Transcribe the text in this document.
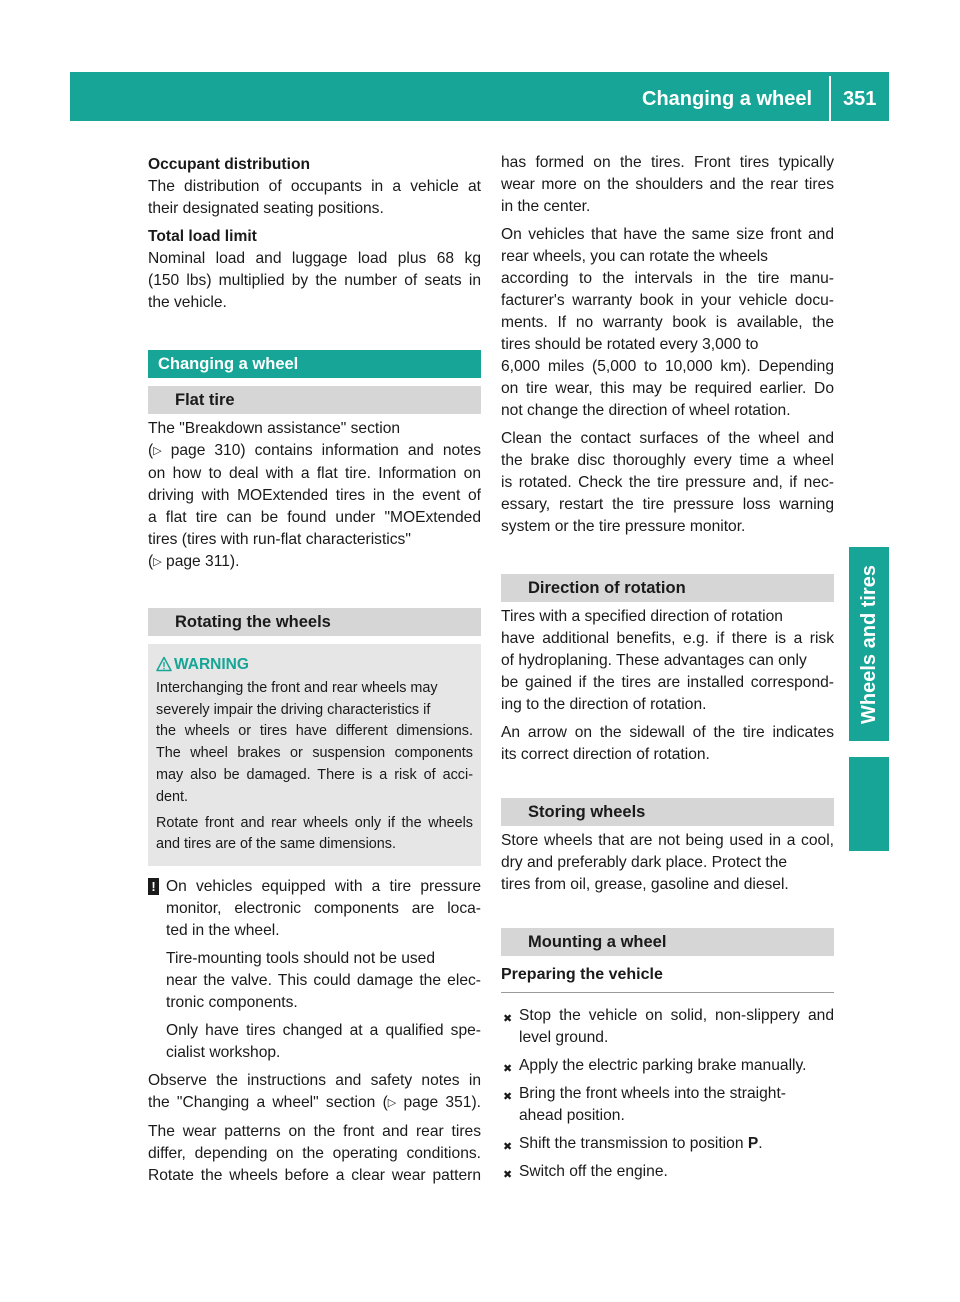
Changing a wheel 351
Wheels and tires
Occupant distribution
The distribution of occupants in a vehicle at
their designated seating positions.
Total load limit
Nominal load and luggage load plus 68 kg
(150 lbs) multiplied by the number of seats in
the vehicle.
Changing a wheel
Flat tire
The "Breakdown assistance" section
(▷ page 310) contains information and notes
on how to deal with a flat tire. Information on
driving with MOExtended tires in the event of
a flat tire can be found under "MOExtended
tires (tires with run-flat characteristics"
(▷ page 311).
Rotating the wheels
WARNING
Interchanging the front and rear wheels may
severely impair the driving characteristics if
the wheels or tires have different dimensions.
The wheel brakes or suspension components
may also be damaged. There is a risk of acci-
dent.
Rotate front and rear wheels only if the wheels
and tires are of the same dimensions.
! On vehicles equipped with a tire pressure
monitor, electronic components are loca-
ted in the wheel.
Tire-mounting tools should not be used
near the valve. This could damage the elec-
tronic components.
Only have tires changed at a qualified spe-
cialist workshop.
Observe the instructions and safety notes in
the "Changing a wheel" section (▷ page 351).
The wear patterns on the front and rear tires
differ, depending on the operating conditions.
Rotate the wheels before a clear wear pattern
has formed on the tires. Front tires typically
wear more on the shoulders and the rear tires
in the center.
On vehicles that have the same size front and
rear wheels, you can rotate the wheels
according to the intervals in the tire manu-
facturer's warranty book in your vehicle docu-
ments. If no warranty book is available, the
tires should be rotated every 3,000 to
6,000 miles (5,000 to 10,000 km). Depending
on tire wear, this may be required earlier. Do
not change the direction of wheel rotation.
Clean the contact surfaces of the wheel and
the brake disc thoroughly every time a wheel
is rotated. Check the tire pressure and, if nec-
essary, restart the tire pressure loss warning
system or the tire pressure monitor.
Direction of rotation
Tires with a specified direction of rotation
have additional benefits, e.g. if there is a risk
of hydroplaning. These advantages can only
be gained if the tires are installed correspond-
ing to the direction of rotation.
An arrow on the sidewall of the tire indicates
its correct direction of rotation.
Storing wheels
Store wheels that are not being used in a cool,
dry and preferably dark place. Protect the
tires from oil, grease, gasoline and diesel.
Mounting a wheel
Preparing the vehicle
✖ Stop the vehicle on solid, non-slippery and
level ground.
✖ Apply the electric parking brake manually.
✖ Bring the front wheels into the straight-
ahead position.
✖ Shift the transmission to position P.
✖ Switch off the engine.
